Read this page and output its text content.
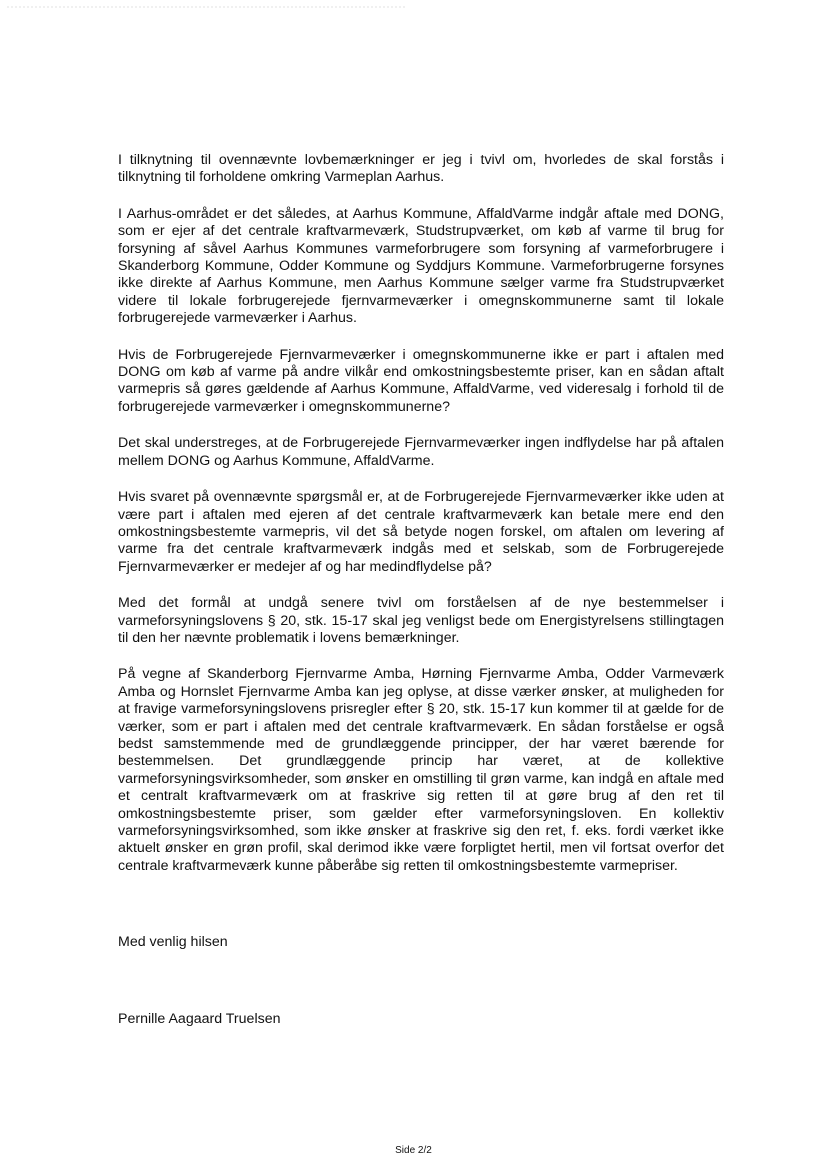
I tilknytning til ovennævnte lovbemærkninger er jeg i tvivl om, hvorledes de skal forstås i tilknytning til forholdene omkring Varmeplan Aarhus.

I Aarhus-området er det således, at Aarhus Kommune, AffaldVarme indgår aftale med DONG, som er ejer af det centrale kraftvarmeværk, Studstrupværket, om køb af varme til brug for forsyning af såvel Aarhus Kommunes varmeforbrugere som forsyning af varmeforbrugere i Skanderborg Kommune, Odder Kommune og Syddjurs Kommune. Varmeforbrugerne forsynes ikke direkte af Aarhus Kommune, men Aarhus Kommune sælger varme fra Studstrupværket videre til lokale forbrugerejede fjernvarmeværker i omegnskommunerne samt til lokale forbrugerejede varmeværker i Aarhus.

Hvis de Forbrugerejede Fjernvarmeværker i omegnskommunerne ikke er part i aftalen med DONG om køb af varme på andre vilkår end omkostningsbestemte priser, kan en sådan aftalt varmepris så gøres gældende af Aarhus Kommune, AffaldVarme, ved videresalg i forhold til de forbrugerejede varmeværker i omegnskommunerne?

Det skal understreges, at de Forbrugerejede Fjernvarmeværker ingen indflydelse har på aftalen mellem DONG og Aarhus Kommune, AffaldVarme.

Hvis svaret på ovennævnte spørgsmål er, at de Forbrugerejede Fjernvarmeværker ikke uden at være part i aftalen med ejeren af det centrale kraftvarmeværk kan betale mere end den omkostningsbestemte varmepris, vil det så betyde nogen forskel, om aftalen om levering af varme fra det centrale kraftvarmeværk indgås med et selskab, som de Forbrugerejede Fjernvarmeværker er medejer af og har medindflydelse på?

Med det formål at undgå senere tvivl om forståelsen af de nye bestemmelser i varmeforsyningslovens § 20, stk. 15-17 skal jeg venligst bede om Energistyrelsens stillingtagen til den her nævnte problematik i lovens bemærkninger.

På vegne af Skanderborg Fjernvarme Amba, Hørning Fjernvarme Amba, Odder Varmeværk Amba og Hornslet Fjernvarme Amba kan jeg oplyse, at disse værker ønsker, at muligheden for at fravige varmeforsyningslovens prisregler efter § 20, stk. 15-17 kun kommer til at gælde for de værker, som er part i aftalen med det centrale kraftvarmeværk. En sådan forståelse er også bedst samstemmende med de grundlæggende principper, der har været bærende for bestemmelsen. Det grundlæggende princip har været, at de kollektive varmeforsyningsvirksomheder, som ønsker en omstilling til grøn varme, kan indgå en aftale med et centralt kraftvarmeværk om at fraskrive sig retten til at gøre brug af den ret til omkostningsbestemte priser, som gælder efter varmeforsyningsloven. En kollektiv varmeforsyningsvirksomhed, som ikke ønsker at fraskrive sig den ret, f. eks. fordi værket ikke aktuelt ønsker en grøn profil, skal derimod ikke være forpligtet hertil, men vil fortsat overfor det centrale kraftvarmeværk kunne påberåbe sig retten til omkostningsbestemte varmepriser.

Med venlig hilsen

Pernille Aagaard Truelsen

Side 2/2
